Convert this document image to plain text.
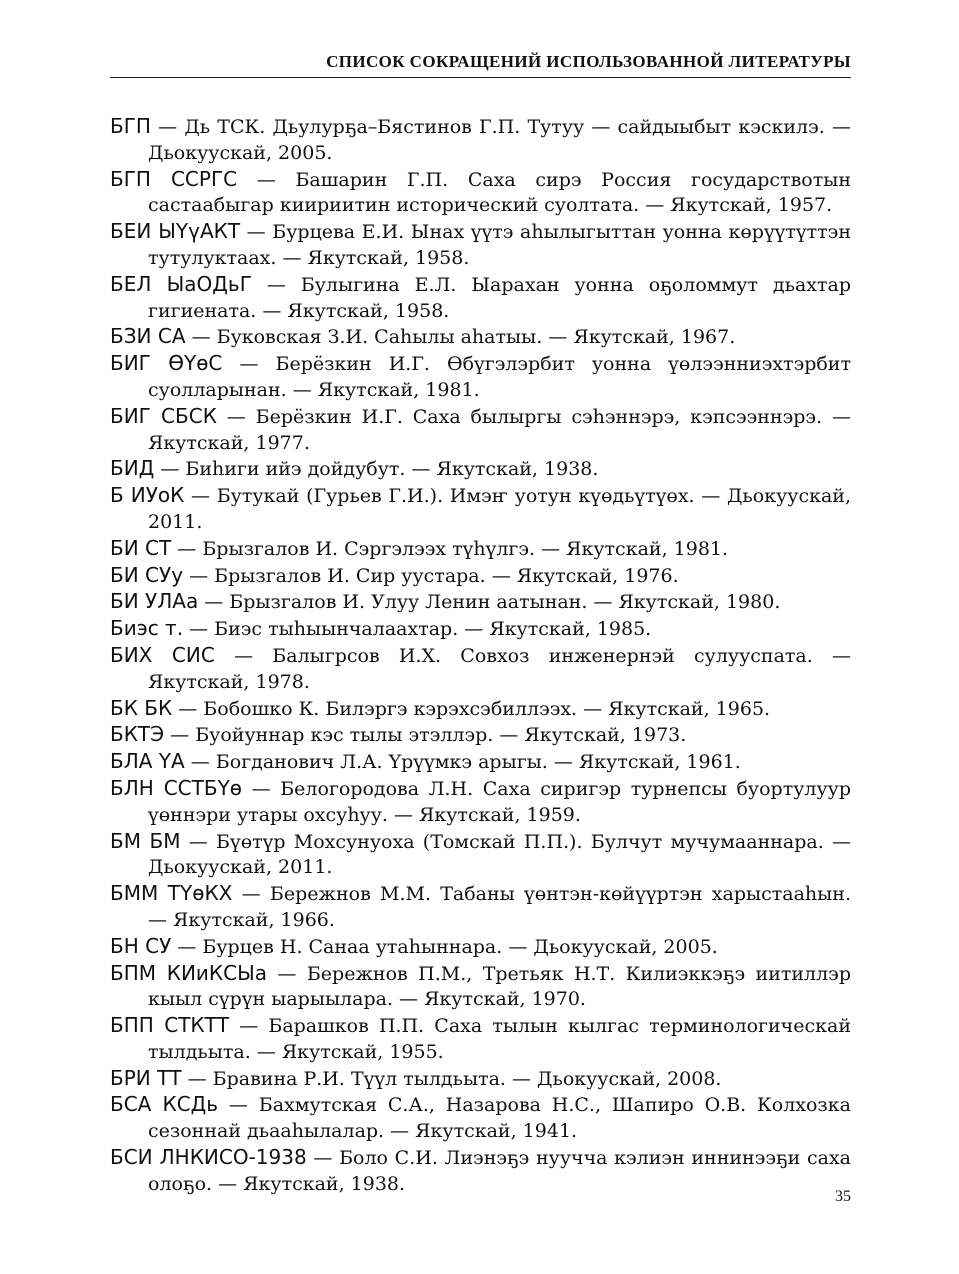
СПИСОК СОКРАЩЕНИЙ ИСПОЛЬЗОВАННОЙ ЛИТЕРАТУРЫ

БГП — Дь ТСК. Дьулурҕа–Бястинов Г.П. Тутуу — сайдыыбыт кэскилэ. — Дьокуускай, 2005.

БГП ССРГС — Башарин Г.П. Саха сирэ Россия государствотын састаабыгар киириитин исторический суолтата. — Якутскай, 1957.

БЕИ ЫҮүАКТ — Бурцева Е.И. Ынах үүтэ аһылыгыттан уонна көрүүтүттэн тутулуктаах. — Якутскай, 1958.

БЕЛ ЫаОДьГ — Булыгина Е.Л. Ыарахан уонна оҕоломмут дьахтар гигиената. — Якутскай, 1958.

БЗИ СА — Буковская З.И. Саһылы аһатыы. — Якутскай, 1967.

БИГ ӨҮөС — Берёзкин И.Г. Өбүгэлэрбит уонна үөлээнниэхтэрбит суолларынан. — Якутскай, 1981.

БИГ СБСК — Берёзкин И.Г. Саха былыргы сэһэннэрэ, кэпсээннэрэ. — Якутскай, 1977.

БИД — Биһиги ийэ дойдубут. — Якутскай, 1938.

Б ИУоК — Бутукай (Гурьев Г.И.). Имэҥ уотун күөдьүтүөх. — Дьокуускай, 2011.

БИ СТ — Брызгалов И. Сэргэлээх түһүлгэ. — Якутскай, 1981.

БИ СУу — Брызгалов И. Сир уустара. — Якутскай, 1976.

БИ УЛАа — Брызгалов И. Улуу Ленин аатынан. — Якутскай, 1980.

Биэс т. — Биэс тыһыынчалаахтар. — Якутскай, 1985.

БИХ СИС — Балыгрсов И.Х. Совхоз инженернэй сулууспата. — Якутскай, 1978.

БК БК — Бобошко К. Билэргэ кэрэхсэбиллээх. — Якутскай, 1965.

БКТЭ — Буойуннар кэс тылы этэллэр. — Якутскай, 1973.

БЛА ҮА — Богданович Л.А. Үрүүмкэ арыгы. — Якутскай, 1961.

БЛН ССТБҮө — Белогородова Л.Н. Саха сиригэр турнепсы буортулуур үөннэри утары охсуһуу. — Якутскай, 1959.

БМ БМ — Бүөтүр Мохсунуоха (Томскай П.П.). Булчут мучумааннара. — Дьокуускай, 2011.

БММ ТҮөКХ — Бережнов М.М. Табаны үөнтэн-көйүүртэн харыстааһын. — Якутскай, 1966.

БН СУ — Бурцев Н. Санаа утаһыннара. — Дьокуускай, 2005.

БПМ КИиКСЫа — Бережнов П.М., Третьяк Н.Т. Килиэккэҕэ иитиллэр кыыл сүрүн ыарыылара. — Якутскай, 1970.

БПП СТКТТ — Барашков П.П. Саха тылын кылгас терминологическай тылдьыта. — Якутскай, 1955.

БРИ ТТ — Бравина Р.И. Түүл тылдьыта. — Дьокуускай, 2008.

БСА КСДь — Бахмутская С.А., Назарова Н.С., Шапиро О.В. Колхозка сезоннай дьааһылалар. — Якутскай, 1941.

БСИ ЛНКИСО-1938 — Боло С.И. Лиэнэҕэ нуучча кэлиэн иннинээҕи саха олоҕо. — Якутскай, 1938.

35
